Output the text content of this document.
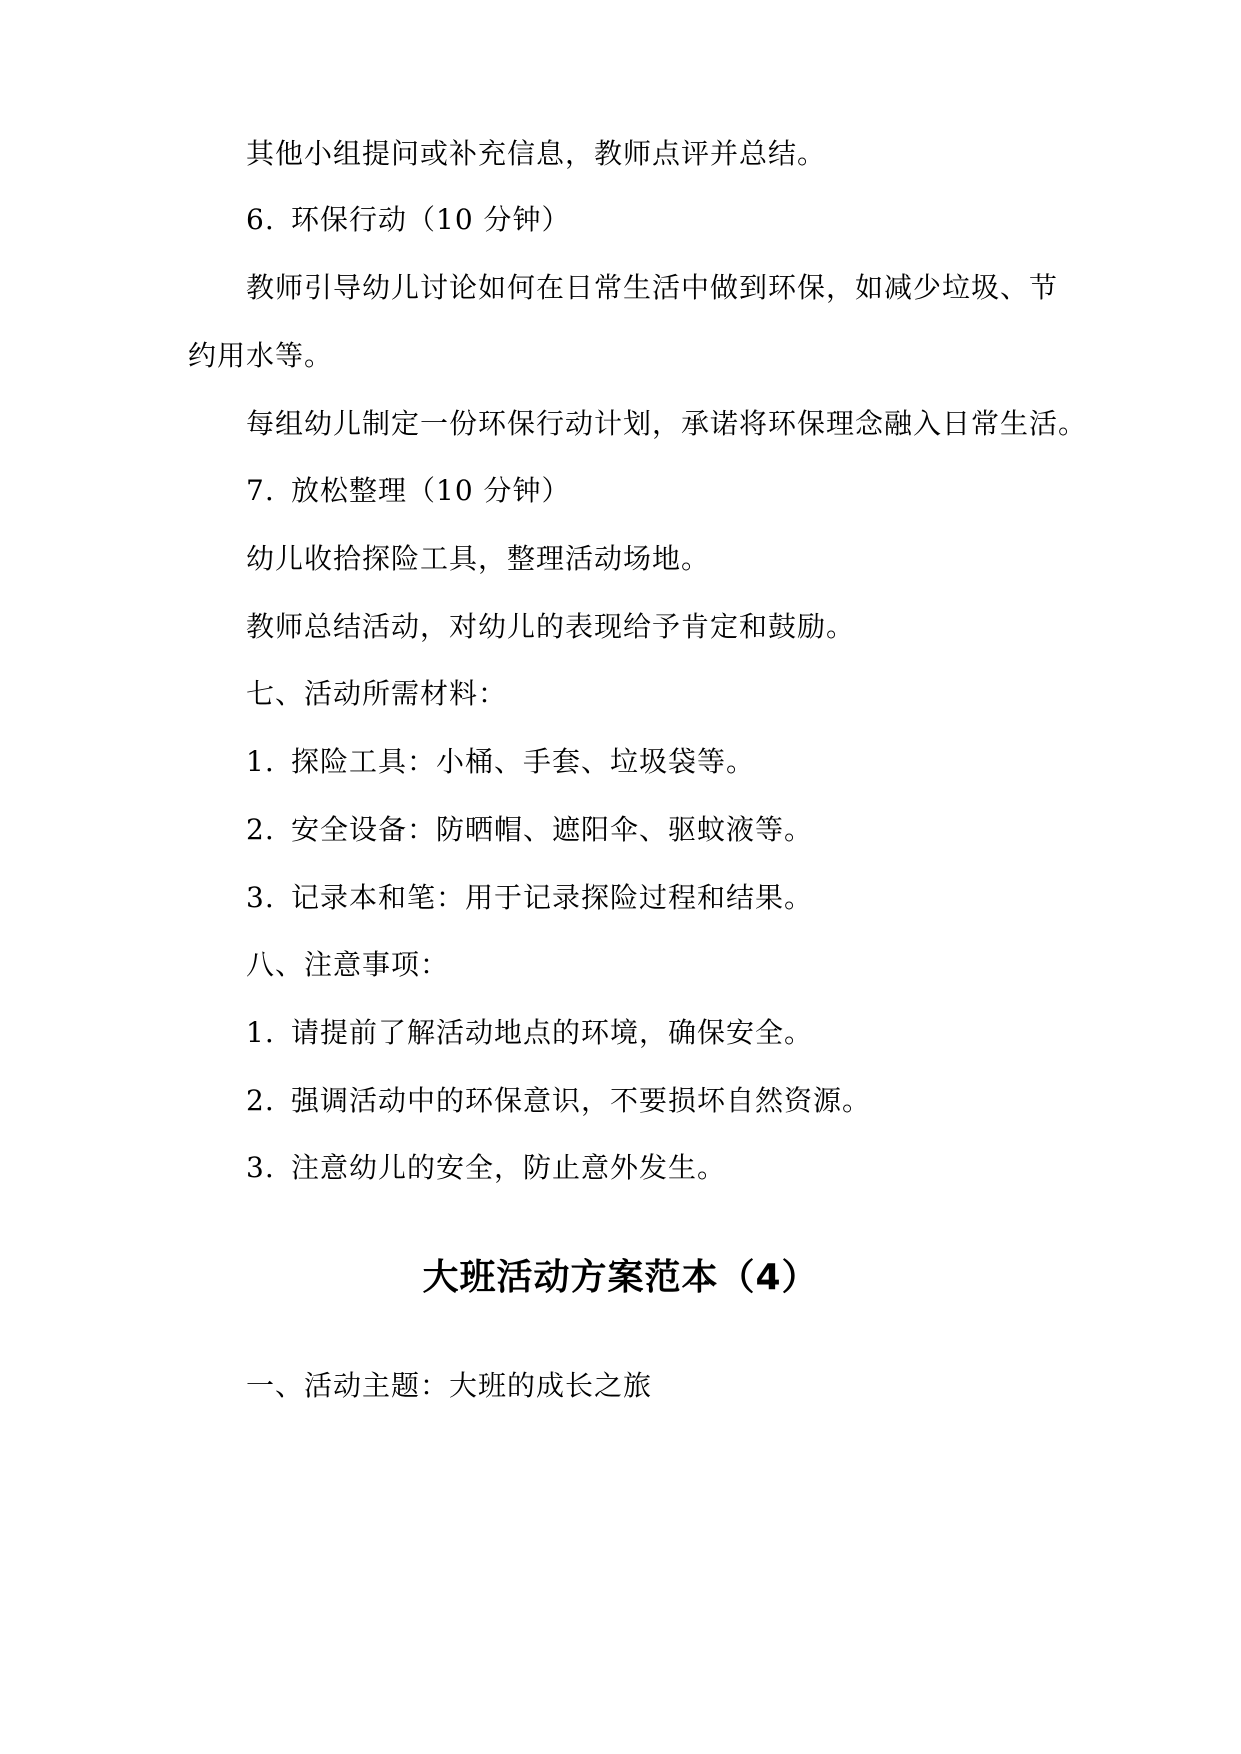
其他小组提问或补充信息，教师点评并总结。
6. 环保行动（10 分钟）
教师引导幼儿讨论如何在日常生活中做到环保，如减少垃圾、节
约用水等。
每组幼儿制定一份环保行动计划，承诺将环保理念融入日常生活。
7. 放松整理（10 分钟）
幼儿收拾探险工具，整理活动场地。
教师总结活动，对幼儿的表现给予肯定和鼓励。
七、活动所需材料：
1. 探险工具：小桶、手套、垃圾袋等。
2. 安全设备：防晒帽、遮阳伞、驱蚊液等。
3. 记录本和笔：用于记录探险过程和结果。
八、注意事项：
1. 请提前了解活动地点的环境，确保安全。
2. 强调活动中的环保意识，不要损坏自然资源。
3. 注意幼儿的安全，防止意外发生。
大班活动方案范本（4）
一、活动主题：大班的成长之旅
